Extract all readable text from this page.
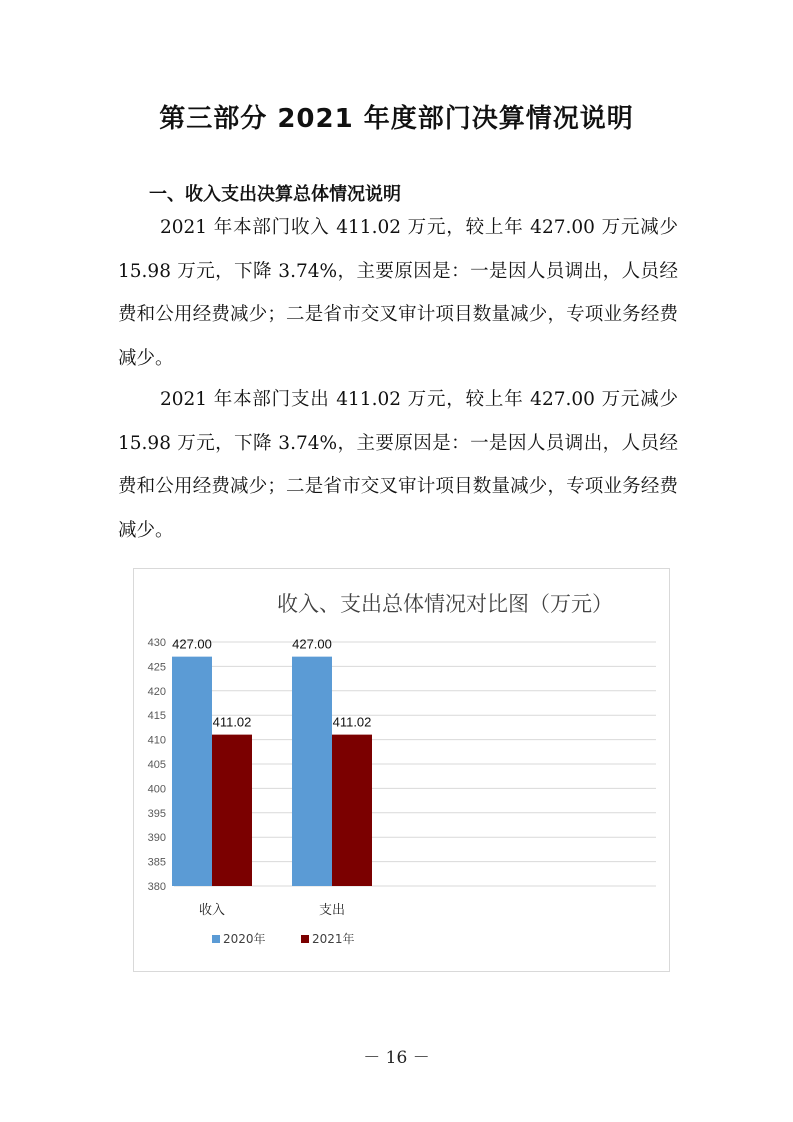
第三部分 2021 年度部门决算情况说明
一、收入支出决算总体情况说明
2021 年本部门收入 411.02 万元，较上年 427.00 万元减少 15.98 万元，下降 3.74%，主要原因是：一是因人员调出，人员经费和公用经费减少；二是省市交叉审计项目数量减少，专项业务经费减少。
2021 年本部门支出 411.02 万元，较上年 427.00 万元减少 15.98 万元，下降 3.74%，主要原因是：一是因人员调出，人员经费和公用经费减少；二是省市交叉审计项目数量减少，专项业务经费减少。
收入、支出总体情况对比图（万元）
380
385
390
395
400
405
410
415
420
425
430 427.00
411.02
427.00
411.02
收入	支出
2020年	2021年
－ 16 －
